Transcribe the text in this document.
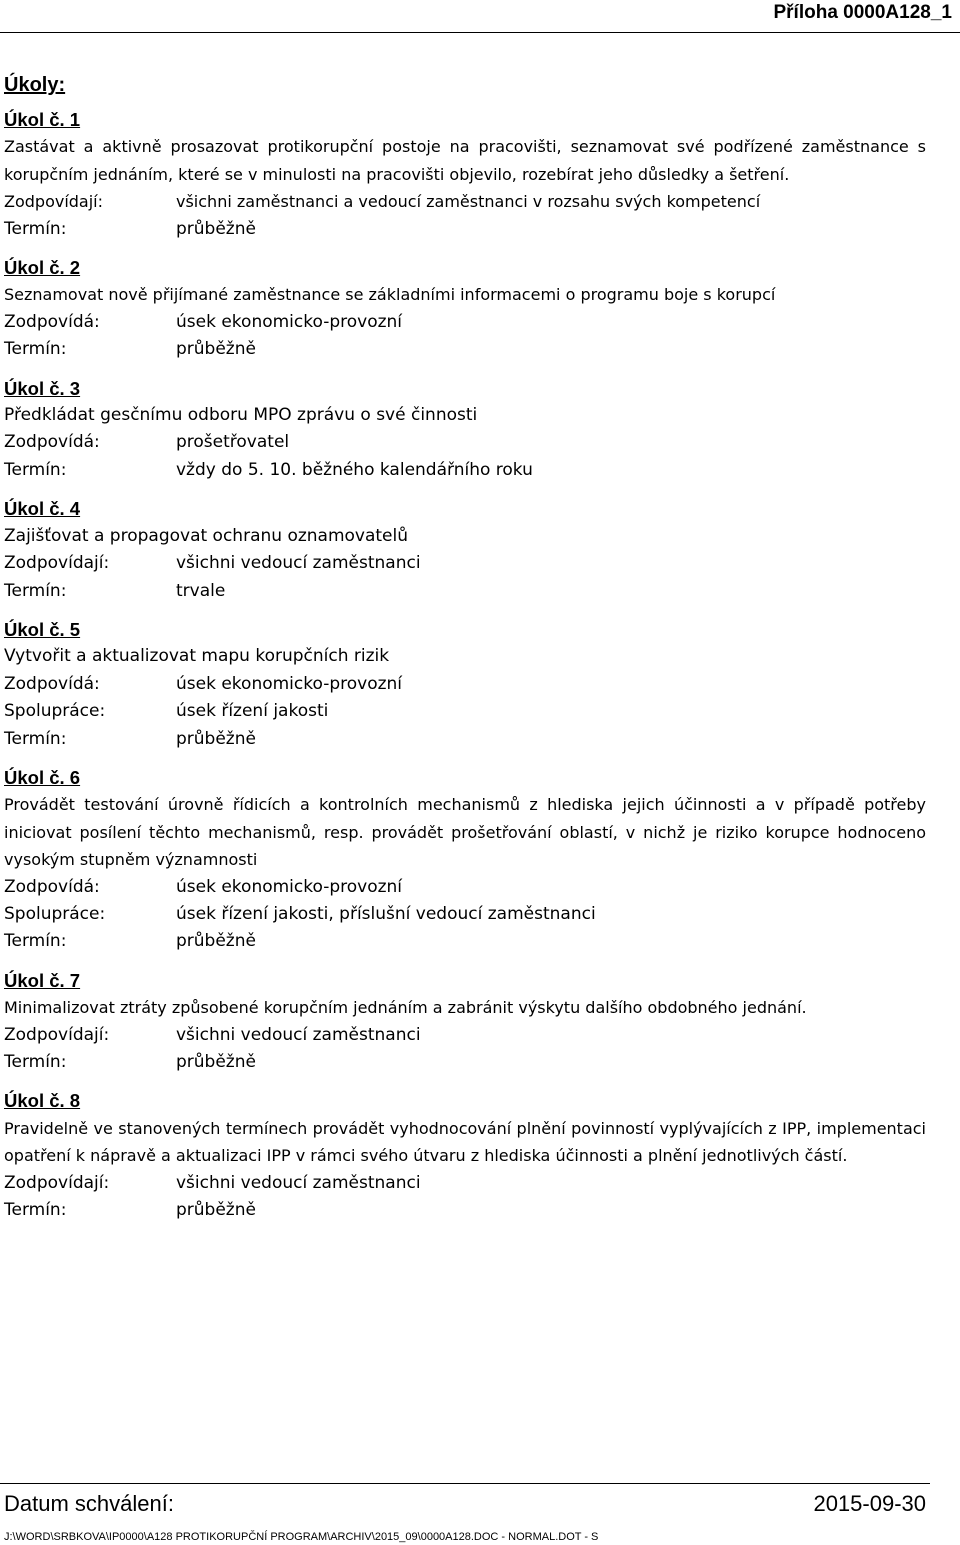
Příloha 0000A128_1
Úkoly:
Úkol č. 1
Zastávat a aktivně prosazovat protikorupční postoje na pracovišti, seznamovat své podřízené zaměstnance s korupčním jednáním, které se v minulosti na pracovišti objevilo, rozebírat jeho důsledky a šetření.
Zodpovídají:	všichni zaměstnanci a vedoucí zaměstnanci v rozsahu svých kompetencí
Termín:	průběžně
Úkol č. 2
Seznamovat nově přijímané zaměstnance se základními informacemi o programu boje s korupcí
Zodpovídá:	úsek ekonomicko-provozní
Termín:	průběžně
Úkol č. 3
Předkládat gesčnímu odboru MPO zprávu o své činnosti
Zodpovídá:	prošetřovatel
Termín:	vždy do 5. 10. běžného kalendářního roku
Úkol č. 4
Zajišťovat a propagovat ochranu oznamovatelů
Zodpovídají:	všichni vedoucí zaměstnanci
Termín:	trvale
Úkol č. 5
Vytvořit a aktualizovat mapu korupčních rizik
Zodpovídá:	úsek ekonomicko-provozní
Spolupráce:	úsek řízení jakosti
Termín:	průběžně
Úkol č. 6
Provádět testování úrovně řídicích a kontrolních mechanismů z hlediska jejich účinnosti a v případě potřeby iniciovat posílení těchto mechanismů, resp. provádět prošetřování oblastí, v nichž je riziko korupce hodnoceno vysokým stupněm významnosti
Zodpovídá:	úsek ekonomicko-provozní
Spolupráce:	úsek řízení jakosti, příslušní vedoucí zaměstnanci
Termín:	průběžně
Úkol č. 7
Minimalizovat ztráty způsobené korupčním jednáním a zabránit výskytu dalšího obdobného jednání.
Zodpovídají:	všichni vedoucí zaměstnanci
Termín:	průběžně
Úkol č. 8
Pravidelně ve stanovených termínech provádět vyhodnocování plnění povinností vyplývajících z IPP, implementaci opatření k nápravě a aktualizaci IPP v rámci svého útvaru z hlediska účinnosti a plnění jednotlivých částí.
Zodpovídají:	všichni vedoucí zaměstnanci
Termín:	průběžně
Datum schválení:	2015-09-30
J:\WORD\SRBKOVA\IP0000\A128 PROTIKORUPČNÍ PROGRAM\ARCHIV\2015_09\0000A128.DOC - NORMAL.DOT - S
